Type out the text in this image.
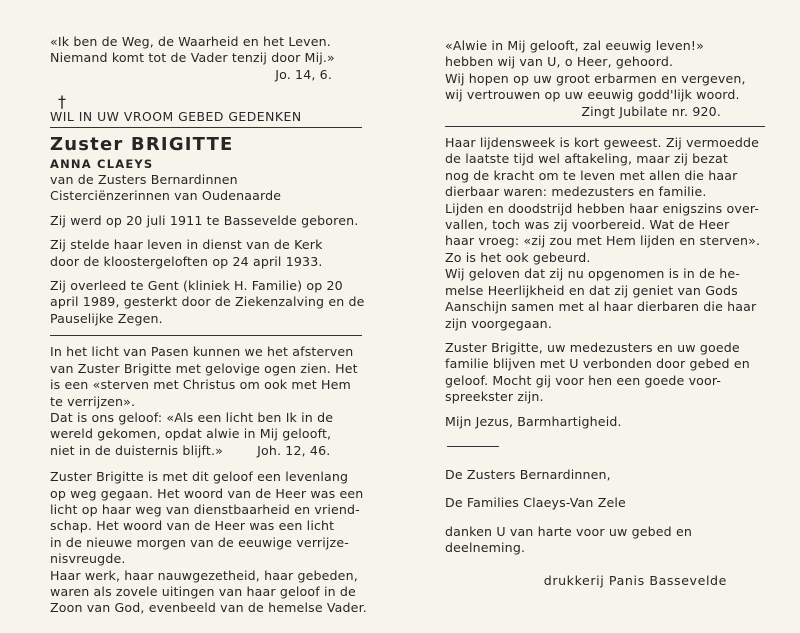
«Ik ben de Weg, de Waarheid en het Leven.
Niemand komt tot de Vader tenzij door Mij.»
Jo. 14, 6.
†
WIL IN UW VROOM GEBED GEDENKEN
Zuster BRIGITTE
ANNA CLAEYS
van de Zusters Bernardinnen
Cisterciënzerinnen van Oudenaarde
Zij werd op 20 juli 1911 te Bassevelde geboren.
Zij stelde haar leven in dienst van de Kerk
door de kloostergeloften op 24 april 1933.
Zij overleed te Gent (kliniek H. Familie) op 20
april 1989, gesterkt door de Ziekenzalving en de
Pauselijke Zegen.
In het licht van Pasen kunnen we het afsterven
van Zuster Brigitte met gelovige ogen zien. Het
is een «sterven met Christus om ook met Hem
te verrijzen».
Dat is ons geloof: «Als een licht ben Ik in de
wereld gekomen, opdat alwie in Mij gelooft,
niet in de duisternis blijft.»	Joh. 12, 46.
Zuster Brigitte is met dit geloof een levenlang
op weg gegaan. Het woord van de Heer was een
licht op haar weg van dienstbaarheid en vriend-
schap. Het woord van de Heer was een licht
in de nieuwe morgen van de eeuwige verrijze-
nisvreugde.
Haar werk, haar nauwgezetheid, haar gebeden,
waren als zovele uitingen van haar geloof in de
Zoon van God, evenbeeld van de hemelse Vader.
«Alwie in Mij gelooft, zal eeuwig leven!»
hebben wij van U, o Heer, gehoord.
Wij hopen op uw groot erbarmen en vergeven,
wij vertrouwen op uw eeuwig godd'lijk woord.
Zingt Jubilate nr. 920.
Haar lijdensweek is kort geweest. Zij vermoedde
de laatste tijd wel aftakeling, maar zij bezat
nog de kracht om te leven met allen die haar
dierbaar waren: medezusters en familie.
Lijden en doodstrijd hebben haar enigszins over-
vallen, toch was zij voorbereid. Wat de Heer
haar vroeg: «zij zou met Hem lijden en sterven».
Zo is het ook gebeurd.
Wij geloven dat zij nu opgenomen is in de he-
melse Heerlijkheid en dat zij geniet van Gods
Aanschijn samen met al haar dierbaren die haar
zijn voorgegaan.
Zuster Brigitte, uw medezusters en uw goede
familie blijven met U verbonden door gebed en
geloof. Mocht gij voor hen een goede voor-
spreekster zijn.
Mijn Jezus, Barmhartigheid.
De Zusters Bernardinnen,
De Families Claeys-Van Zele
danken U van harte voor uw gebed en
deelneming.
drukkerij Panis Bassevelde
